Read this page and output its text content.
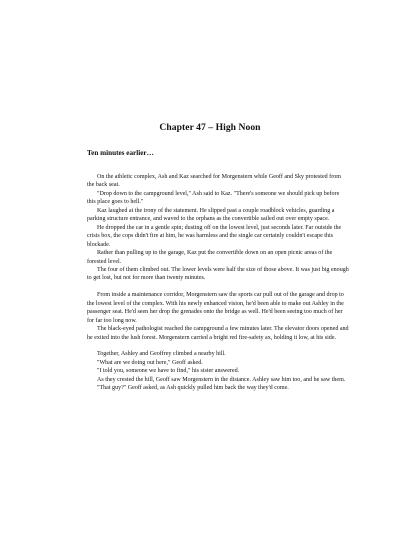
Chapter 47 – High Noon
Ten minutes earlier…

On the athletic complex, Ash and Kaz searched for Morgenstern while Geoff and Sky protested from the back seat.

"Drop down to the campground level," Ash said to Kaz. "There's someone we should pick up before this place goes to hell."

Kaz laughed at the irony of the statement. He slipped past a couple roadblock vehicles, guarding a parking structure entrance, and waved to the orphans as the convertible sailed out over empty space.

He dropped the car in a gentle spin; dusting off on the lowest level, just seconds later. Far outside the crisis box, the cops didn't fire at him, he was harmless and the single car certainly couldn't escape this blockade.

Rather than pulling up to the garage, Kaz put the convertible down on an open picnic areas of the forested level.

The four of them climbed out. The lower levels were half the size of those above. It was just big enough to get lost, but not for more than twenty minutes.

From inside a maintenance corridor, Morgenstern saw the sports car pull out of the garage and drop to the lowest level of the complex. With his newly enhanced vision, he'd been able to make out Ashley in the passenger seat. He'd seen her drop the grenades onto the bridge as well. He'd been seeing too much of her for far too long now.

The black-eyed pathologist reached the campground a few minutes later. The elevator doors opened and he exited into the lush forest. Morgenstern carried a bright red fire-safety ax, holding it low, at his side.

Together, Ashley and Geoffrey climbed a nearby hill.

"What are we doing out here," Geoff asked.

"I told you, someone we have to find," his sister answered.

As they crested the hill, Geoff saw Morgenstern in the distance. Ashley saw him too, and he saw them.

"That guy?" Geoff asked, as Ash quickly pulled him back the way they'd come.
